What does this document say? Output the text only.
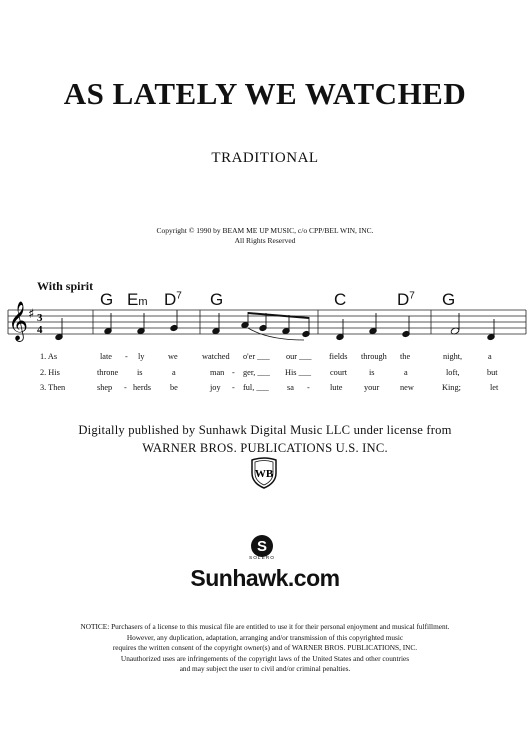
AS LATELY WE WATCHED
TRADITIONAL
Copyright © 1990 by BEAM ME UP MUSIC, c/o CPP/BEL WIN, INC.
All Rights Reserved
With spirit
G Em $D^7$ G	C	$D^7$ G
𝄞 ♯ 3
4
1. As	late - ly	we	watched o'er ___ our ___ fields through the	night,	a
2. His	throne is	a	man - ger, ___ His ___ court	is	a	loft,	but
3. Then	shep - herds be	joy - ful, ___ sa - lute	your	new	King;	let
Digitally published by Sunhawk Digital Music LLC under license from
WARNER BROS. PUBLICATIONS U.S. INC.
WB
S
SOLERO
Sunhawk.com
NOTICE: Purchasers of a license to this musical file are entitled to use it for their personal enjoyment and musical fulfillment.
However, any duplication, adaptation, arranging and/or transmission of this copyrighted music
requires the written consent of the copyright owner(s) and of WARNER BROS. PUBLICATIONS, INC.
Unauthorized uses are infringements of the copyright laws of the United States and other countries
and may subject the user to civil and/or criminal penalties.
